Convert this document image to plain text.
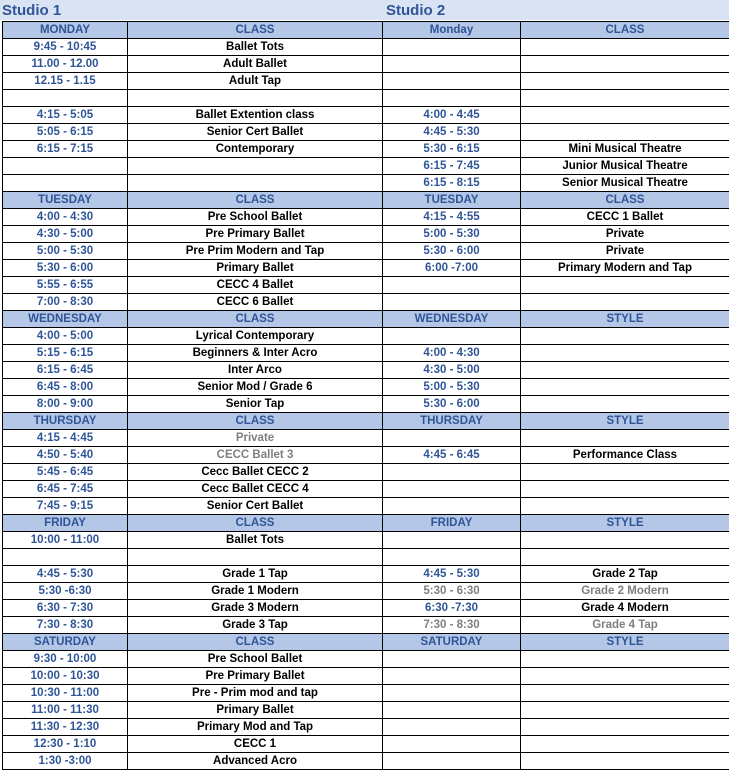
Studio 1	Studio 2
MONDAY	CLASS	Monday	CLASS
9:45 - 10:45	Ballet Tots		
11.00 - 12.00	Adult Ballet		
12.15 - 1.15	Adult Tap		

4:15 - 5:05	Ballet Extention class	4:00 - 4:45	
5:05 - 6:15	Senior Cert Ballet	4:45 - 5:30	
6:15 - 7:15	Contemporary	5:30 - 6:15	Mini Musical Theatre
		6:15 - 7:45	Junior Musical Theatre
		6:15 - 8:15	Senior Musical Theatre
TUESDAY	CLASS	TUESDAY	CLASS
4:00 - 4:30	Pre School Ballet	4:15 - 4:55	CECC 1 Ballet
4:30 - 5:00	Pre Primary Ballet	5:00 - 5:30	Private
5:00 - 5:30	Pre Prim Modern and Tap	5:30 - 6:00	Private
5:30 - 6:00	Primary Ballet	6:00 -7:00	Primary Modern and Tap
5:55 - 6:55	CECC 4 Ballet		
7:00 - 8:30	CECC 6 Ballet		
WEDNESDAY	CLASS	WEDNESDAY	STYLE
4:00 - 5:00	Lyrical Contemporary		
5:15 - 6:15	Beginners & Inter Acro	4:00 - 4:30	
6:15 - 6:45	Inter Arco	4:30 - 5:00	
6:45 - 8:00	Senior Mod / Grade 6	5:00 - 5:30	
8:00 - 9:00	Senior Tap	5:30 - 6:00	
THURSDAY	CLASS	THURSDAY	STYLE
4:15 - 4:45	Private		
4:50 - 5:40	CECC Ballet 3	4:45 - 6:45	Performance Class
5:45 - 6:45	Cecc Ballet CECC 2		
6:45 - 7:45	Cecc Ballet CECC 4		
7:45 - 9:15	Senior Cert Ballet		
FRIDAY	CLASS	FRIDAY	STYLE
10:00 - 11:00	Ballet Tots		

4:45 - 5:30	Grade 1 Tap	4:45 - 5:30	Grade 2 Tap
5:30 -6:30	Grade 1 Modern	5:30 - 6:30	Grade 2 Modern
6:30 - 7:30	Grade 3 Modern	6:30 -7:30	Grade 4 Modern
7:30 - 8:30	Grade 3 Tap	7:30 - 8:30	Grade 4 Tap
SATURDAY	CLASS	SATURDAY	STYLE
9:30 - 10:00	Pre School Ballet		
10:00 - 10:30	Pre Primary Ballet		
10:30 - 11:00	Pre - Prim mod and tap		
11:00 - 11:30	Primary Ballet		
11:30 - 12:30	Primary Mod and Tap		
12:30 - 1:10	CECC 1		
1:30 -3:00	Advanced Acro		
